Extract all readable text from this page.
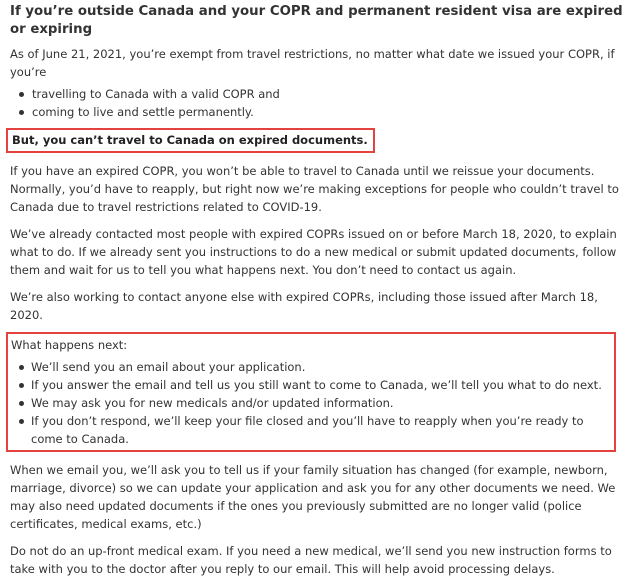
If you’re outside Canada and your COPR and permanent resident visa are expired or expiring

As of June 21, 2021, you’re exempt from travel restrictions, no matter what date we issued your COPR, if you’re

travelling to Canada with a valid COPR and
coming to live and settle permanently.
But, you can’t travel to Canada on expired documents.

If you have an expired COPR, you won’t be able to travel to Canada until we reissue your documents. Normally, you’d have to reapply, but right now we’re making exceptions for people who couldn’t travel to Canada due to travel restrictions related to COVID-19.

We’ve already contacted most people with expired COPRs issued on or before March 18, 2020, to explain what to do. If we already sent you instructions to do a new medical or submit updated documents, follow them and wait for us to tell you what happens next. You don’t need to contact us again.

We’re also working to contact anyone else with expired COPRs, including those issued after March 18, 2020.

What happens next:
We’ll send you an email about your application.
If you answer the email and tell us you still want to come to Canada, we’ll tell you what to do next.
We may ask you for new medicals and/or updated information.
If you don’t respond, we’ll keep your file closed and you’ll have to reapply when you’re ready to come to Canada.

When we email you, we’ll ask you to tell us if your family situation has changed (for example, newborn, marriage, divorce) so we can update your application and ask you for any other documents we need. We may also need updated documents if the ones you previously submitted are no longer valid (police certificates, medical exams, etc.)

Do not do an up-front medical exam. If you need a new medical, we’ll send you new instruction forms to take with you to the doctor after you reply to our email. This will help avoid processing delays.
